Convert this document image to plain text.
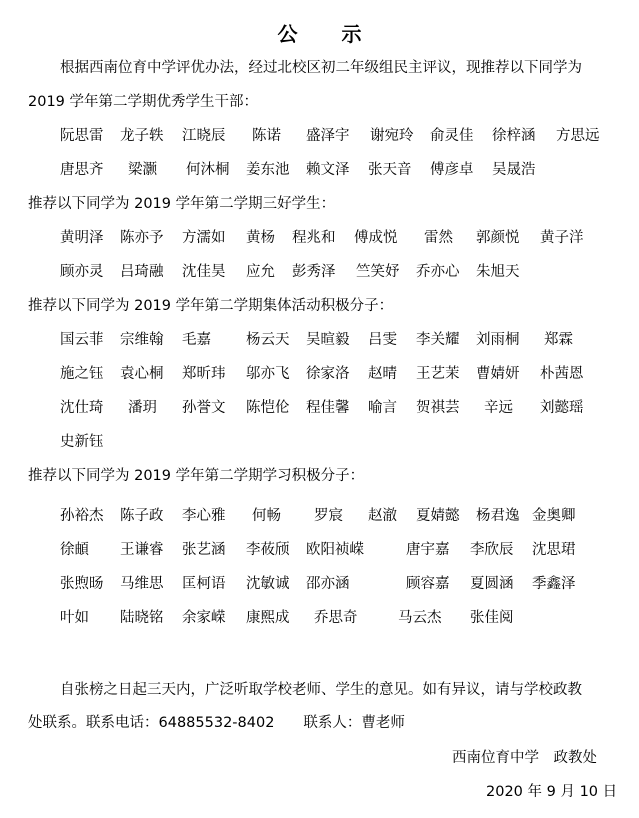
公示
根据西南位育中学评优办法，经过北校区初二年级组民主评议，现推荐以下同学为
2019 学年第二学期优秀学生干部：
推荐以下同学为 2019 学年第二学期三好学生：
推荐以下同学为 2019 学年第二学期集体活动积极分子：
推荐以下同学为 2019 学年第二学期学习积极分子：
阮思雷 龙子轶 江晓辰 陈诺 盛泽宇 谢宛玲 俞灵佳 徐梓涵 方思远
唐思齐 梁灏 何沐桐 姜东池 赖文泽 张天音 傅彦卓 吴晟浩
黄明泽 陈亦予 方濡如 黄杨 程兆和 傅成悦 雷然 郭颜悦 黄子洋
顾亦灵 吕琦融 沈佳昊 应允 彭秀泽 竺笑妤 乔亦心 朱旭天
国云菲 宗维翰 毛嘉 杨云天 吴暄毅 吕雯 李关耀 刘雨桐 郑霖
施之钰 袁心桐 郑昕玮 邬亦飞 徐家洛 赵晴 王艺茉 曹婧妍 朴茜恩
沈仕琦 潘玥 孙誉文 陈恺伦 程佳馨 喻言 贺祺芸 辛远 刘懿瑶
史新钰
孙裕杰 陈子政 李心雅 何畅 罗宸 赵澈 夏婧懿 杨君逸 金奥卿
徐頔 王谦睿 张艺涵 李莜颀 欧阳祯嵘	唐宇嘉 李欣辰 沈思珺
张煦旸 马维思 匡柯语 沈敏诚 邵亦涵	顾容嘉 夏圆涵 季鑫泽
叶如 陆晓铭 余家嵘 康熙成 乔思奇	马云杰 张佳阅
自张榜之日起三天内，广泛听取学校老师、学生的意见。如有异议，请与学校政教
处联系。联系电话：64885532-8402　　联系人：曹老师
西南位育中学　政教处
2020 年 9 月 10 日
